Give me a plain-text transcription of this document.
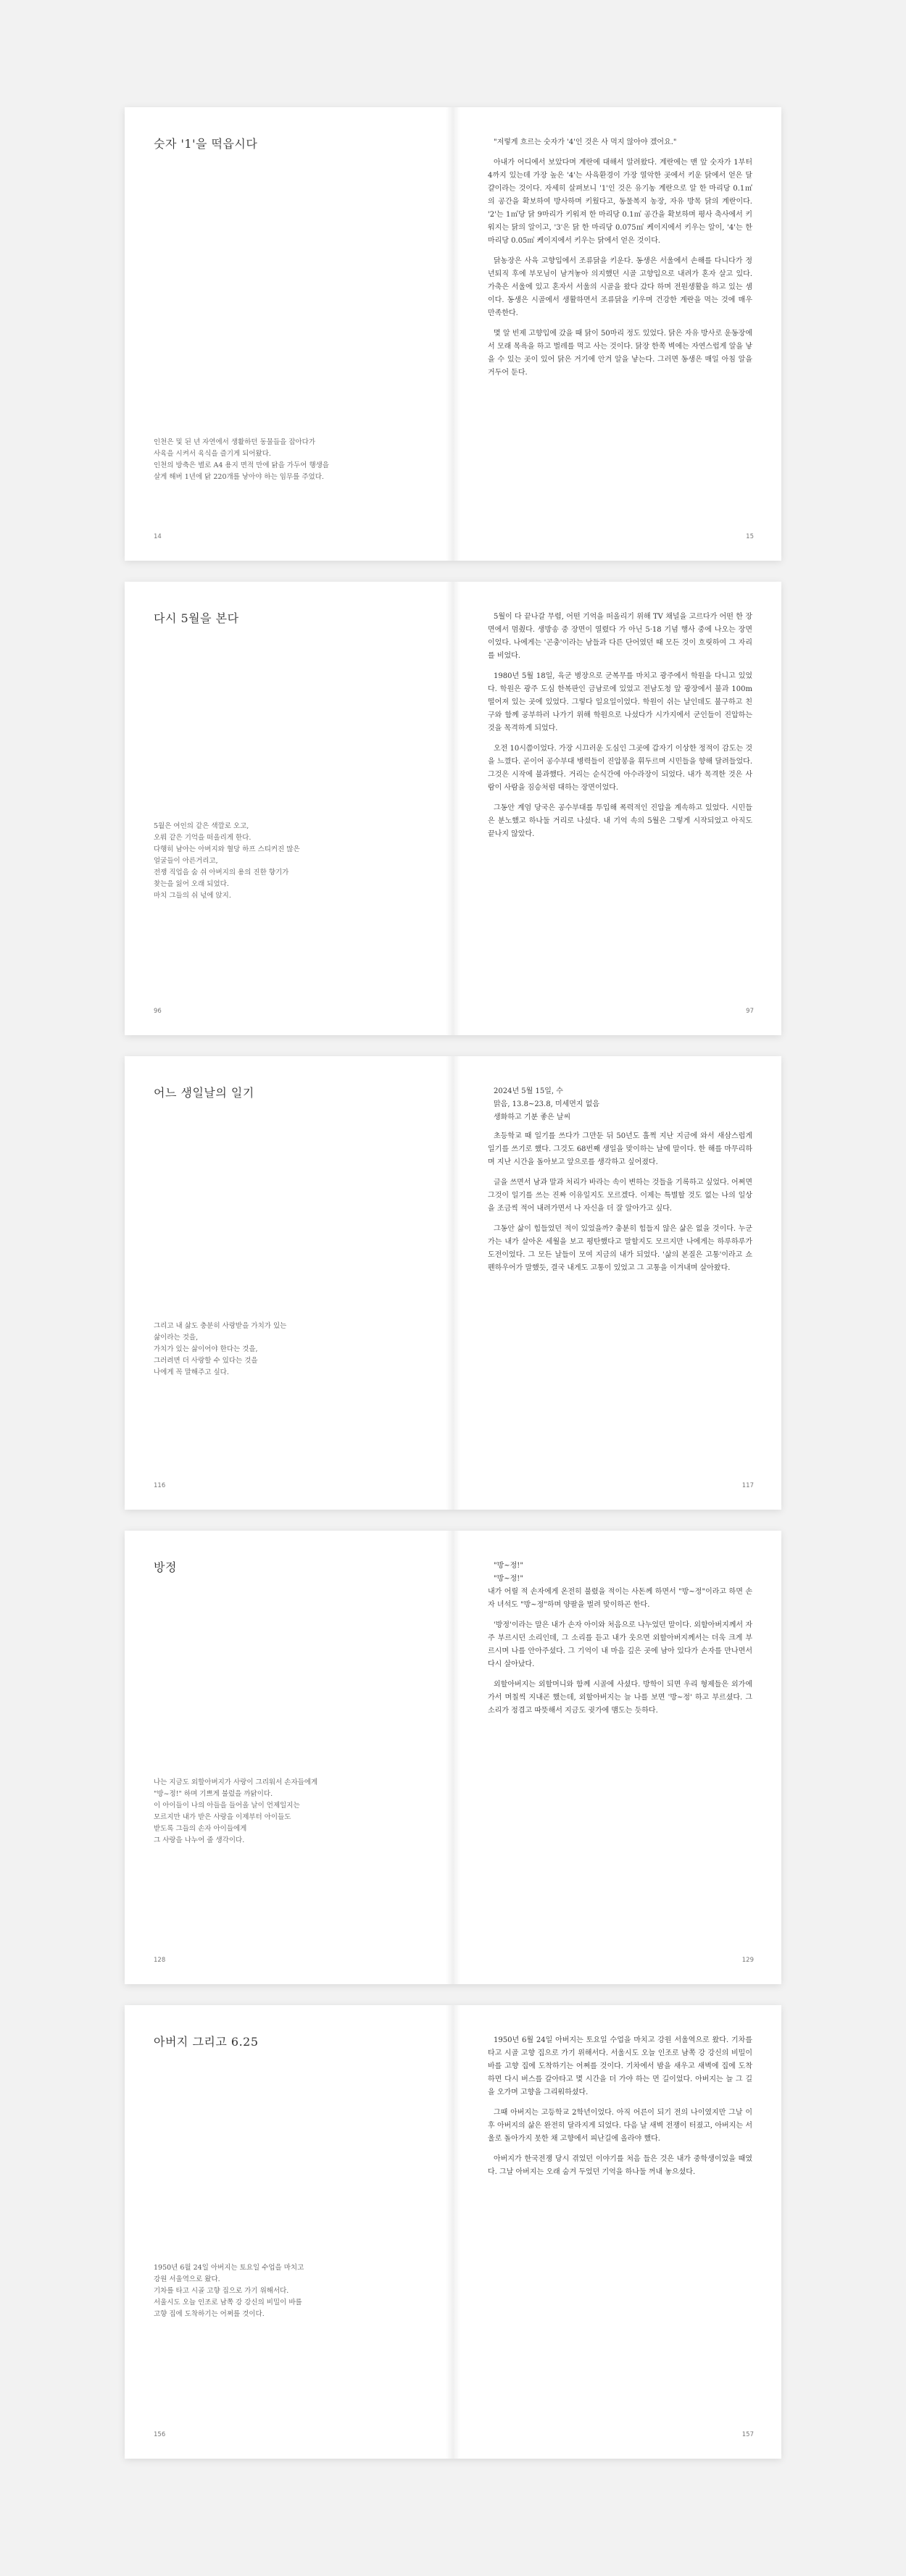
숫자 '1'을 떡읍시다
인천은 및 된 년 자연에서 생활하던 동물들을 잡아다가
사육을 시켜서 육식을 즐기게 되어왔다.
인천의 방축은 별로 A4 용지 면적 만에 닭을 가두어 행생을
살게 해버 1년에 닭 220개를 낳아야 하는 임무를 주었다.
14

"저렇게 흐르는 숫자가 '4'인 것은 사 먹지 않아야 겠어요."

아내가 어디에서 보았다며 계란에 대해서 알려왔다. 계란에는 맨 앞 숫자가 1부터 4까지 있는데 가장 높은 '4'는 사육환경이 가장 열악한 곳에서 키운 닭에서 얻은 달걀이라는 것이다. 자세히 살펴보니 '1'인 것은 유기농 계란으로 알 한 마리당 0.1㎡의 공간을 확보하여 방사하며 키웠다고, 동물복지 농장, 자유 방목 닭의 계란이다. '2'는 1㎡당 닭 9마리가 키워져 한 마리당 0.1㎡ 공간을 확보하며 평사 축사에서 키워지는 닭의 알이고, '3'은 닭 한 마리당 0.075㎡ 케이지에서 키우는 알이, '4'는 한 마리당 0.05㎡ 케이지에서 키우는 닭에서 얻은 것이다.

닭농장은 사육 고향입에서 조류닭을 키운다. 동생은 서울에서 손해를 다니다가 정년퇴직 후에 부모님이 남겨놓아 의지했던 시골 고향입으로 내려가 혼자 살고 있다. 가축은 서울에 있고 혼자서 서울의 시골을 왔다 갔다 하며 전원생활을 하고 있는 셈이다. 동생은 시골에서 생활하면서 조류닭을 키우며 건강한 계란을 먹는 것에 매우 만족한다.

몇 알 빈제 고향입에 갔을 때 닭이 50마리 정도 있었다. 닭은 자유 방사로 운동장에서 모래 목욕을 하고 벌레를 먹고 사는 것이다. 닭장 한쪽 벽에는 자연스럽게 알을 낳을 수 있는 곳이 있어 닭은 거기에 안겨 알을 낳는다. 그러면 동생은 매일 아침 알을 거두어 둔다.

15
다시 5월을 본다
5월은 여인의 같은 색깔로 오고,
오뤄 같은 기억을 떠올리게 한다.
다행히 남아는 아버지와 혈당 하프 스티커진 많은
얼굴들이 아른거리고,
전쟁 직업을 숨 쉬 아버지의 용의 진한 향기가
찾는을 잃어 오래 되었다.
마치 그들의 쉬 넋에 앉지.
96

5월이 다 끝나갈 무렵, 어떤 기억을 떠올리기 위해 TV 채널을 고르다가 어떤 한 장면에서 멈췄다. 생방송 중 장면이 열렸다 가 아닌 5·18 기념 행사 중에 나오는 장면이었다. 나에게는 '곤충'이라는 남들과 다른 단어였던 때 모든 것이 흐릿하여 그 자리를 비었다.

1980년 5월 18일, 육군 병장으로 군복무를 마치고 광주에서 학원을 다니고 있었다. 학원은 광주 도심 한복판인 금남로에 있었고 전남도청 앞 광장에서 불과 100m 떨어져 있는 곳에 있었다. 그렇다 일요일이었다. 학원이 쉬는 날인데도 불구하고 친구와 함께 공부하러 나가기 위해 학원으로 나섰다가 시가지에서 군인들이 진압하는 것을 목격하게 되었다.

오전 10시쯤이었다. 가장 시끄러운 도심인 그곳에 갑자기 이상한 정적이 감도는 것을 느꼈다. 곧이어 공수부대 병력들이 진압봉을 휘두르며 시민들을 향해 달려들었다. 그것은 시작에 불과했다. 거리는 순식간에 아수라장이 되었다. 내가 목격한 것은 사람이 사람을 짐승처럼 대하는 장면이었다.

그동안 계엄 당국은 공수부대를 투입해 폭력적인 진압을 계속하고 있었다. 시민들은 분노했고 하나둘 거리로 나섰다. 내 기억 속의 5월은 그렇게 시작되었고 아직도 끝나지 않았다.

97
어느 생일날의 일기
그리고 내 삶도 충분히 사랑받을 가치가 있는
삶이라는 것을,
가치가 있는 삶이어야 한다는 것을,
그러려면 더 사랑할 수 있다는 것을
나에게 꼭 말해주고 싶다.
116

2024년 5월 15일, 수
맑음, 13.8~23.8, 미세먼지 없음
생화하고 기분 좋은 날씨

초등학교 때 일기를 쓰다가 그만둔 뒤 50년도 훌쩍 지난 지금에 와서 새삼스럽게 일기를 쓰기로 했다. 그것도 68번째 생일을 맞이하는 날에 말이다. 한 해를 마무리하며 지난 시간을 돌아보고 앞으로를 생각하고 싶어졌다.

글을 쓰면서 남과 말과 처리가 바라는 속이 변하는 것들을 기록하고 싶었다. 어쩌면 그것이 일기를 쓰는 진짜 이유일지도 모르겠다. 이제는 특별할 것도 없는 나의 일상을 조금씩 적어 내려가면서 나 자신을 더 잘 알아가고 싶다.

그동안 삶이 힘들었던 적이 있었을까? 충분히 힘들지 않은 삶은 없을 것이다. 누군가는 내가 살아온 세월을 보고 평탄했다고 말할지도 모르지만 나에게는 하루하루가 도전이었다. 그 모든 날들이 모여 지금의 내가 되었다. '삶의 본질은 고통'이라고 쇼펜하우어가 말했듯, 결국 내게도 고통이 있었고 그 고통을 이겨내며 살아왔다.

117
방정
나는 지금도 외할아버지가 사랑이 그리워서 손자들에게
"방~정!" 하며 기쁘게 불렀을 까닭이다.
이 아이들이 나의 아들을 들어올 날이 언제일지는
모르지만 내가 받은 사랑을 이제부터 아이들도
받도록 그들의 손자 아이들에게
그 사랑을 나누어 줄 생각이다.
128

"방~정!"
"방~정!"

내가 어릴 적 손자에게 온전히 불렸을 적이는 사돈께 하면서 "방~정"이라고 하면 손자 녀석도 "방~정"하며 양팔을 벌려 맞이하곤 한다.

'방정'이라는 말은 내가 손자 아이와 처음으로 나누었던 말이다. 외할아버지께서 자주 부르시던 소리인데, 그 소리를 듣고 내가 웃으면 외할아버지께서는 더욱 크게 부르시며 나를 안아주셨다. 그 기억이 내 마음 깊은 곳에 남아 있다가 손자를 만나면서 다시 살아났다.

외할아버지는 외할머니와 함께 시골에 사셨다. 방학이 되면 우리 형제들은 외가에 가서 며칠씩 지내곤 했는데, 외할아버지는 늘 나를 보면 '방~정' 하고 부르셨다. 그 소리가 정겹고 따뜻해서 지금도 귓가에 맴도는 듯하다.

129
아버지 그리고 6.25
1950년 6월 24일 아버지는 토요일 수업을 마치고
강원 서울역으로 왔다.
기차를 타고 시골 고향 집으로 가기 위해서다.
서울시도 오늘 인조로 남쪽 강 강신의 비밀이 바를
고향 집에 도착하기는 어쩌를 것이다.
156

1950년 6월 24일 아버지는 토요일 수업을 마치고 강원 서울역으로 왔다. 기차를 타고 시골 고향 집으로 가기 위해서다. 서울시도 오늘 인조로 남쪽 강 강신의 비밀이 바를 고향 집에 도착하기는 어쩌를 것이다. 기차에서 밤을 새우고 새벽에 집에 도착하면 다시 버스를 갈아타고 몇 시간을 더 가야 하는 먼 길이었다. 아버지는 늘 그 길을 오가며 고향을 그리워하셨다.

그때 아버지는 고등학교 2학년이었다. 아직 어른이 되기 전의 나이였지만 그날 이후 아버지의 삶은 완전히 달라지게 되었다. 다음 날 새벽 전쟁이 터졌고, 아버지는 서울로 돌아가지 못한 채 고향에서 피난길에 올라야 했다.

아버지가 한국전쟁 당시 겪었던 이야기를 처음 들은 것은 내가 중학생이었을 때였다. 그날 아버지는 오래 숨겨 두었던 기억을 하나둘 꺼내 놓으셨다.

157
